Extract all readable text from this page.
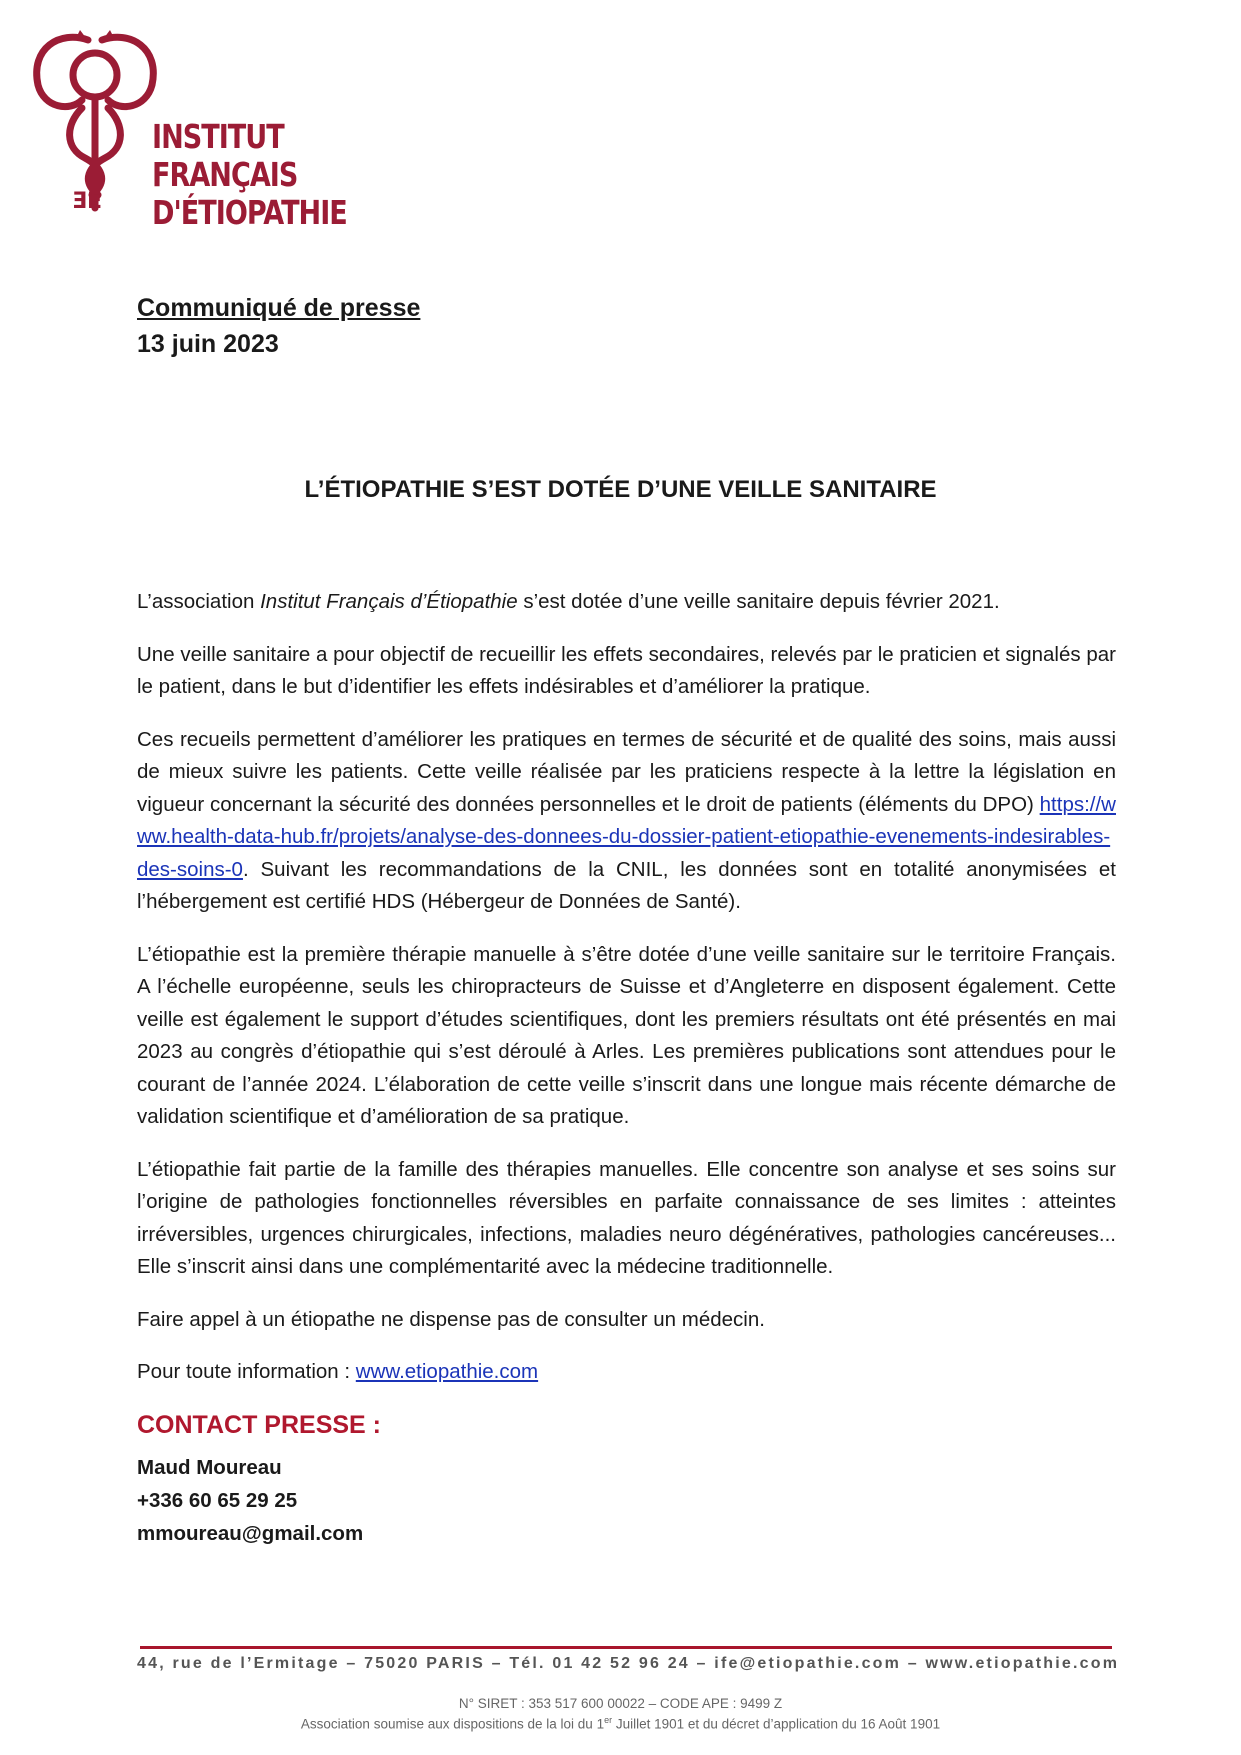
ƎE
INSTITUT
FRANÇAIS
D'ÉTIOPATHIE
Communiqué de presse
13 juin 2023
L’ÉTIOPATHIE S’EST DOTÉE D’UNE VEILLE SANITAIRE

L’association Institut Français d’Étiopathie s’est dotée d’une veille sanitaire depuis février 2021.

Une veille sanitaire a pour objectif de recueillir les effets secondaires, relevés par le praticien et signalés par le patient, dans le but d’identifier les effets indésirables et d’améliorer la pratique.

Ces recueils permettent d’améliorer les pratiques en termes de sécurité et de qualité des soins, mais aussi de mieux suivre les patients. Cette veille réalisée par les praticiens respecte à la lettre la législation en vigueur concernant la sécurité des données personnelles et le droit de patients (éléments du DPO) https://www.health-data-hub.fr/projets/analyse-des-donnees-du-dossier-patient-etiopathie-evenements-indesirables-des-soins-0. Suivant les recommandations de la CNIL, les données sont en totalité anonymisées et l’hébergement est certifié HDS (Hébergeur de Données de Santé).

L’étiopathie est la première thérapie manuelle à s’être dotée d’une veille sanitaire sur le territoire Français. A l’échelle européenne, seuls les chiropracteurs de Suisse et d’Angleterre en disposent également. Cette veille est également le support d’études scientifiques, dont les premiers résultats ont été présentés en mai 2023 au congrès d’étiopathie qui s’est déroulé à Arles. Les premières publications sont attendues pour le courant de l’année 2024. L’élaboration de cette veille s’inscrit dans une longue mais récente démarche de validation scientifique et d’amélioration de sa pratique.

L’étiopathie fait partie de la famille des thérapies manuelles. Elle concentre son analyse et ses soins sur l’origine de pathologies fonctionnelles réversibles en parfaite connaissance de ses limites : atteintes irréversibles, urgences chirurgicales, infections, maladies neuro dégénératives, pathologies cancéreuses... Elle s’inscrit ainsi dans une complémentarité avec la médecine traditionnelle.

Faire appel à un étiopathe ne dispense pas de consulter un médecin.

Pour toute information : www.etiopathie.com

CONTACT PRESSE :
Maud Moureau
+336 60 65 29 25
mmoureau@gmail.com
44, rue de l’Ermitage – 75020 PARIS – Tél. 01 42 52 96 24 – ife@etiopathie.com – www.etiopathie.com
N° SIRET : 353 517 600 00022 – CODE APE : 9499 Z
Association soumise aux dispositions de la loi du 1er Juillet 1901 et du décret d’application du 16 Août 1901
